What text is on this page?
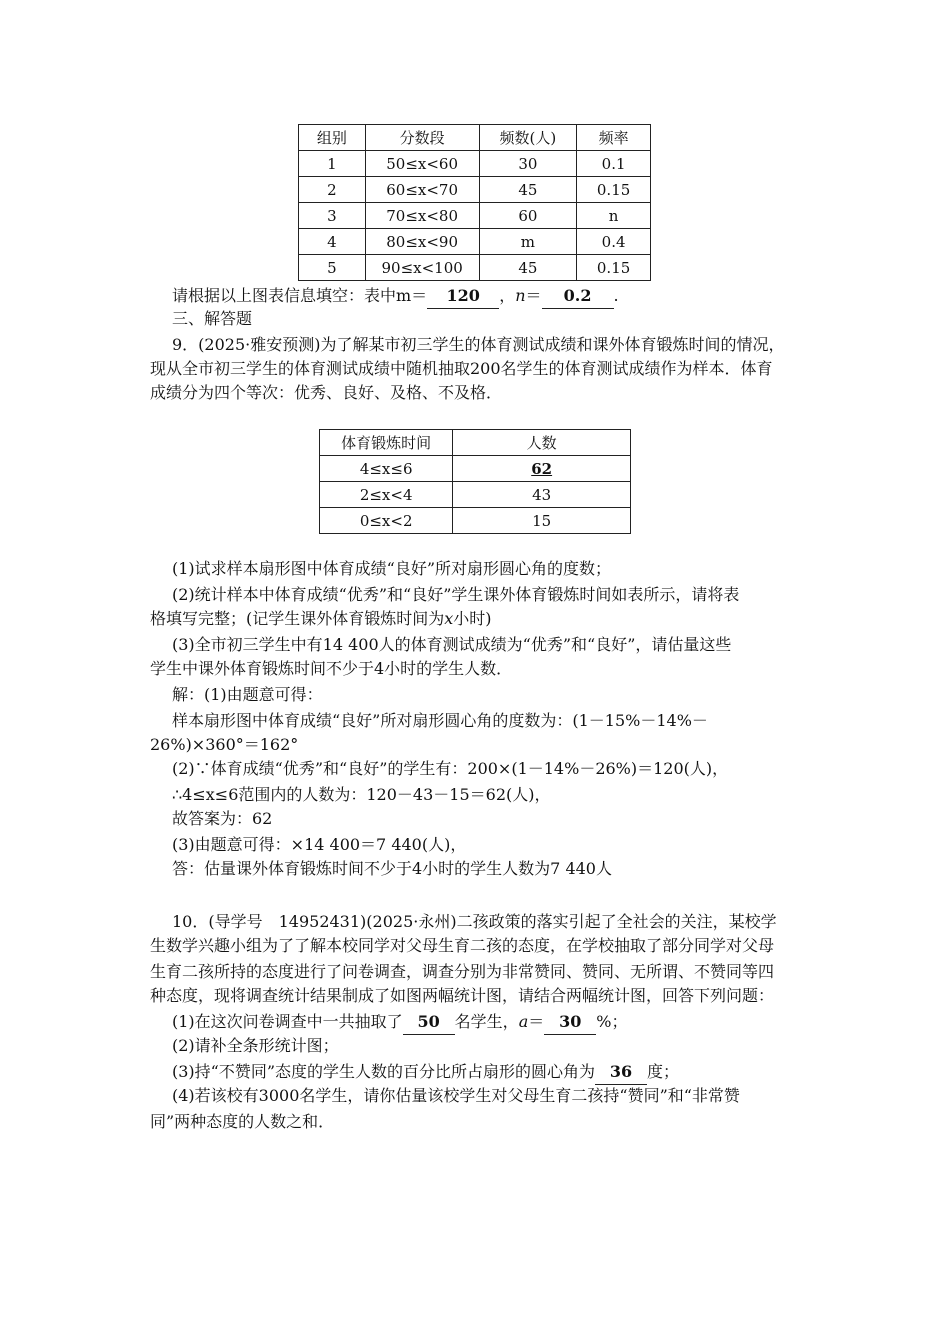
组别	分数段	频数(人)	频率
1	50≤x<60	30	0.1
2	60≤x<70	45	0.15
3	70≤x<80	60	n
4	80≤x<90	m	0.4
5	90≤x<100	45	0.15
请根据以上图表信息填空：表中m＝ 120 ，n＝ 0.2 .
三、解答题
9．(2025·雅安预测)为了解某市初三学生的体育测试成绩和课外体育锻炼时间的情况，
现从全市初三学生的体育测试成绩中随机抽取200名学生的体育测试成绩作为样本．体育
成绩分为四个等次：优秀、良好、及格、不及格．
体育锻炼时间	人数
4≤x≤6	62
2≤x<4	43
0≤x<2	15
(1)试求样本扇形图中体育成绩“良好”所对扇形圆心角的度数；
(2)统计样本中体育成绩“优秀”和“良好”学生课外体育锻炼时间如表所示，请将表
格填写完整；(记学生课外体育锻炼时间为x小时)
(3)全市初三学生中有14 400人的体育测试成绩为“优秀”和“良好”，请估量这些
学生中课外体育锻炼时间不少于4小时的学生人数．
解：(1)由题意可得：
样本扇形图中体育成绩“良好”所对扇形圆心角的度数为：(1－15%－14%－
26%)×360°＝162°
(2)∵体育成绩“优秀”和“良好”的学生有：200×(1－14%－26%)＝120(人)，
∴4≤x≤6范围内的人数为：120－43－15＝62(人)，
故答案为：62
(3)由题意可得：×14 400＝7 440(人)，
答：估量课外体育锻炼时间不少于4小时的学生人数为7 440人
10．(导学号　14952431)(2025·永州)二孩政策的落实引起了全社会的关注，某校学
生数学兴趣小组为了了解本校同学对父母生育二孩的态度，在学校抽取了部分同学对父母
生育二孩所持的态度进行了问卷调查，调查分别为非常赞同、赞同、无所谓、不赞同等四
种态度，现将调查统计结果制成了如图两幅统计图，请结合两幅统计图，回答下列问题：
(1)在这次问卷调查中一共抽取了 50 名学生，a＝ 30 %；
(2)请补全条形统计图；
(3)持“不赞同”态度的学生人数的百分比所占扇形的圆心角为 36 度；
(4)若该校有3000名学生，请你估量该校学生对父母生育二孩持“赞同”和“非常赞
同”两种态度的人数之和．
